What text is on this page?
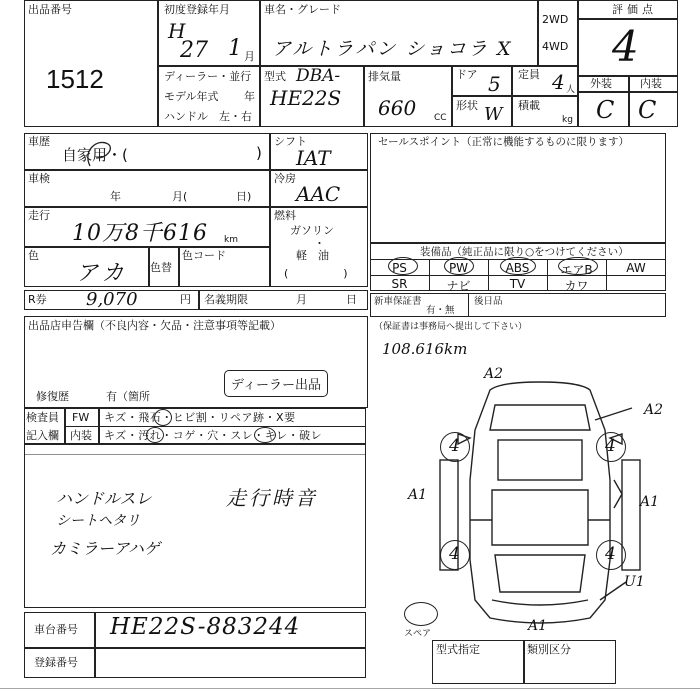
出品番号
1512
初度登録年月
H
27 1 月
車名・グレード
アルトラパン ショコラ X
2WD
4WD
評価点
4
外装	内装
C C
ディーラー・並行
モデル年式 年
ハンドル　左・右
型式 DBA-
HE22S
排気量
660 CC
ドア 5 定員 4 人
形状 W 積載
kg
車歴
自家用・(	)
シフト
IAT
車検
年	月(	日)
冷房
AAC
走行
10万8千616 km
色
アカ 色替
色コード
燃料
ガソリン
・
軽　油
(　　　　　)
R券 9,070	円 名義期限	月	日
セールスポイント（正常に機能するものに限ります）
装備品（純正品に限り○をつけてください）
PS	PW	ABS	エアB	AW
SR	ナビ	TV	カワ
新車保証書
有・無
後日品
（保証書は事務局へ提出して下さい）
108.616km
出品店申告欄（不良内容・欠品・注意事項等記載）
修復歴	有（箇所
ディーラー出品
検査員
記入欄
FW キズ・飛石・ヒビ割・リペア跡・X要
内装 キズ・汚れ・コゲ・穴・スレ・キレ・破レ
ハンドルスレ
シートヘタリ
カミラーアハゲ
走行時音
車台番号 HE22S-883244
登録番号
4	4
4	4
A2
A2
A1	A1
U1
A1
スペア
型式指定	類別区分
